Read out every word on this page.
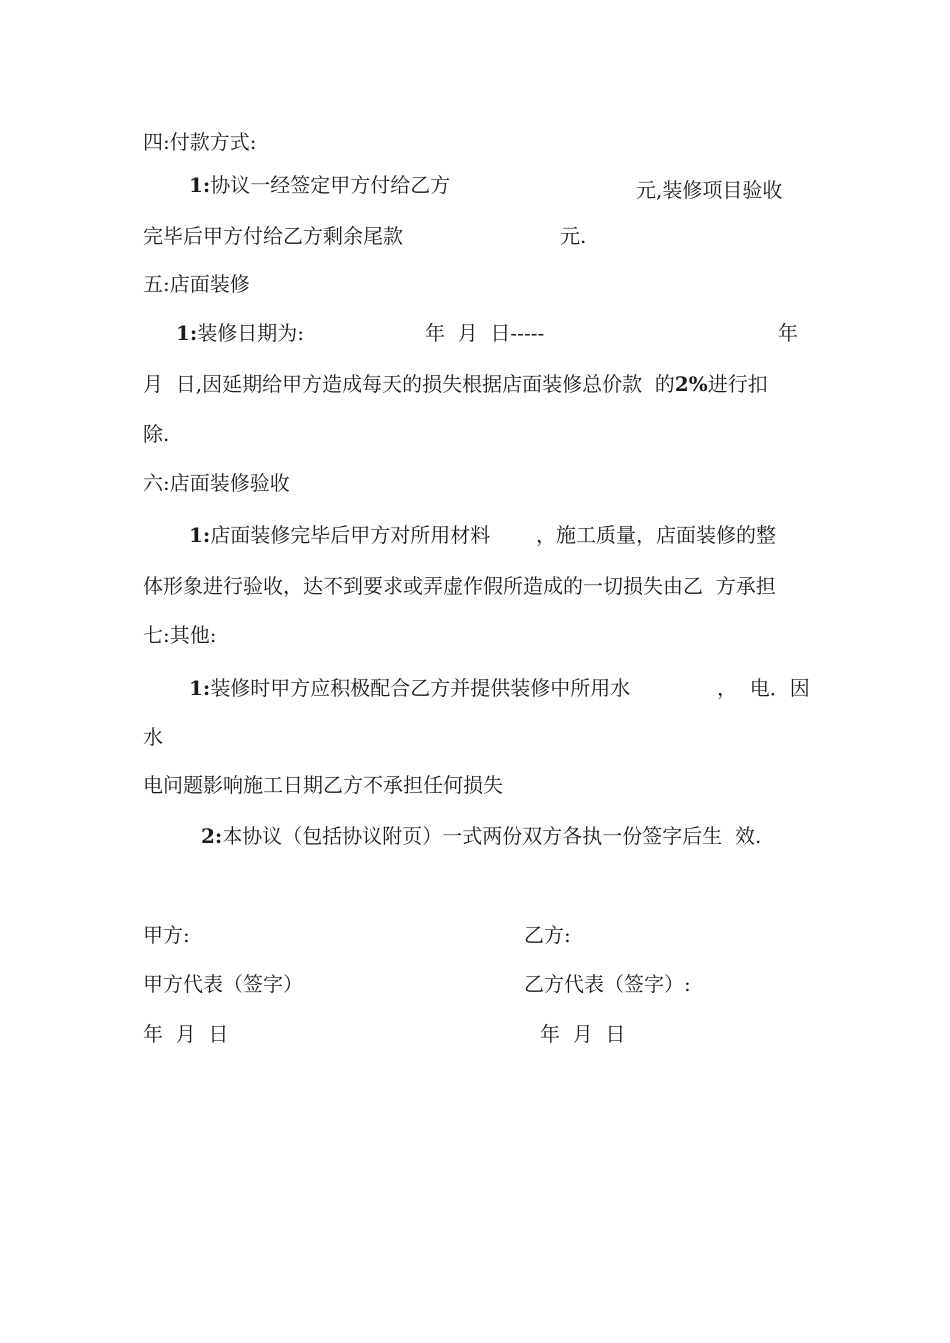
四:付款方式:
1:协议一经签定甲方付给乙方	元,装修项目验收
完毕后甲方付给乙方剩余尾款	元.
五:店面装修
1:装修日期为:	年  月  日-----	年
月  日,因延期给甲方造成每天的损失根据店面装修总价款  的2%进行扣
除.
六:店面装修验收
1:店面装修完毕后甲方对所用材料 ，施工质量，店面装修的整
体形象进行验收，达不到要求或弄虚作假所造成的一切损失由乙  方承担
七:其他:
1:装修时甲方应积极配合乙方并提供装修中所用水	，  电．因
水
电问题影响施工日期乙方不承担任何损失
2:本协议（包括协议附页）一式两份双方各执一份签字后生  效.
甲方:	乙方:
甲方代表（签字）	乙方代表（签字）:
年  月  日	年  月  日
